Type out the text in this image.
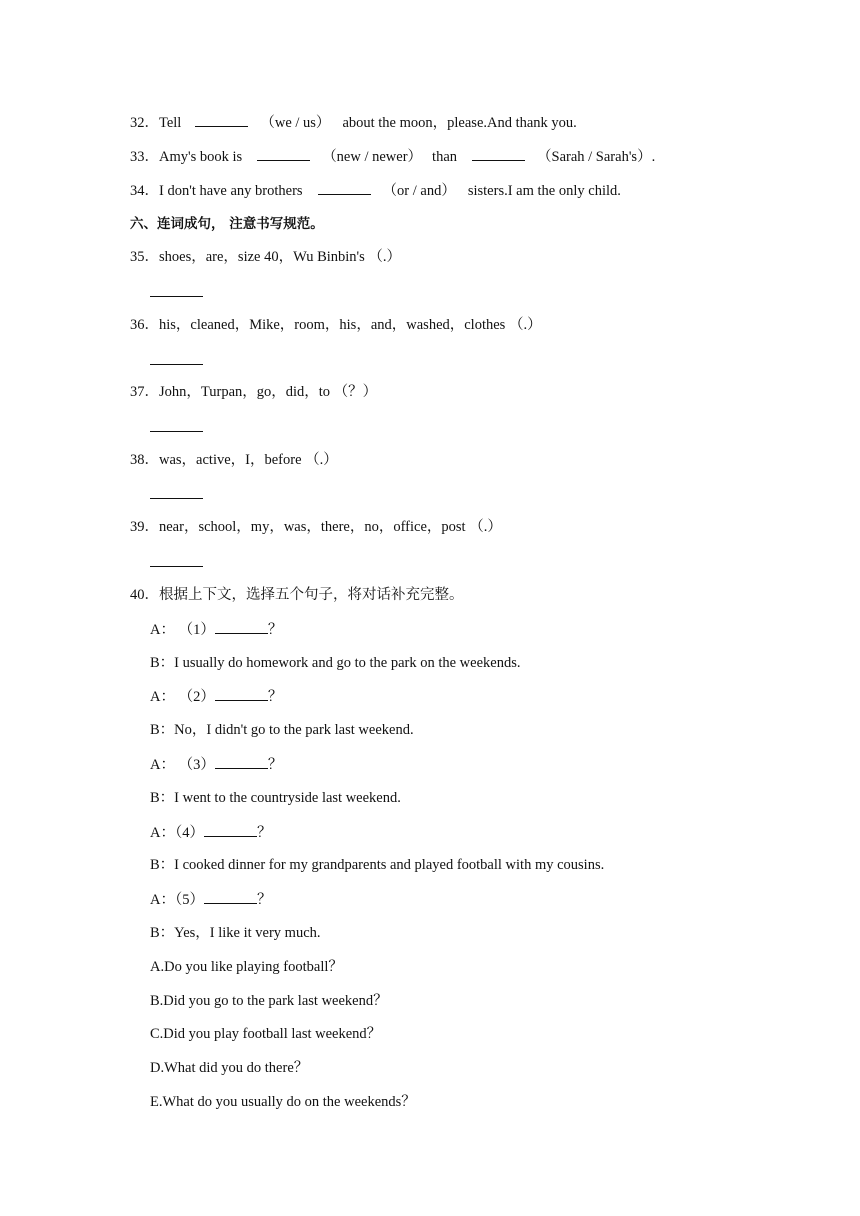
32．Tell	（we / us） about the moon，please.And thank you.
33．Amy's book is	（new / newer） than	（Sarah / Sarah's）.
34．I don't have any brothers	（or / and） sisters.I am the only child.
六、连词成句， 注意书写规范。
35．shoes，are，size 40，Wu Binbin's （.）
36．his，cleaned，Mike，room，his，and，washed，clothes （.）
37．John，Turpan，go，did，to （？）
38．was，active，I，before （.）
39．near，school，my，was，there，no，office，post （.）
40．根据上下文，选择五个句子，将对话补充完整。
A： （1）	？
B：I usually do homework and go to the park on the weekends.
A： （2）	？
B：No，I didn't go to the park last weekend.
A： （3）	？
B：I went to the countryside last weekend.
A：（4）	？
B：I cooked dinner for my grandparents and played football with my cousins.
A：（5）	？
B：Yes，I like it very much.
A.Do you like playing football？
B.Did you go to the park last weekend？
C.Did you play football last weekend？
D.What did you do there？
E.What do you usually do on the weekends？
